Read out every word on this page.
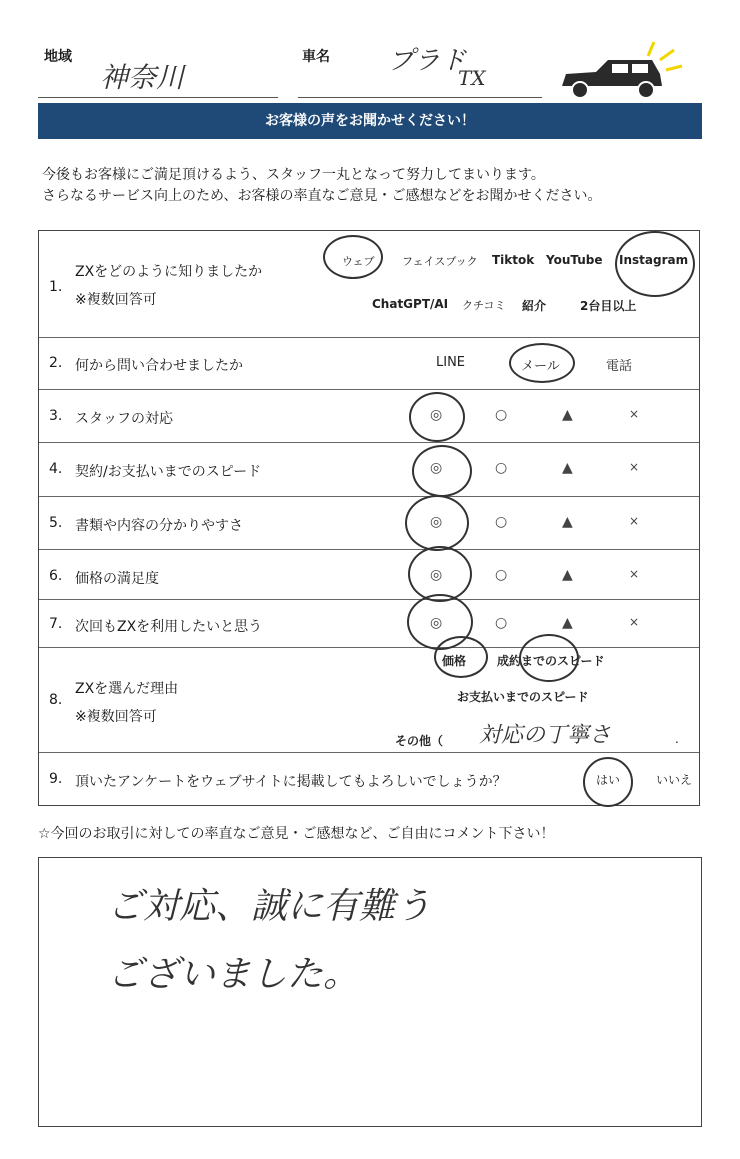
地域
神奈川
車名 プラド
TX
お客様の声をお聞かせください！
今後もお客様にご満足頂けるよう、スタッフ一丸となって努力してまいります。
さらなるサービス向上のため、お客様の率直なご意見・ご感想などをお聞かせください。
1.
ZXをどのように知りましたか
※複数回答可
ウェブ フェイスブック Tiktok YouTube Instagram
ChatGPT/AI クチコミ 紹介	2台目以上
2. 何から問い合わせましたか	LINE	メール	電話
3. スタッフの対応	◎	○	▲	×
4. 契約/お支払いまでのスピード	◎	○	▲	×
5. 書類や内容の分かりやすさ	◎	○	▲	×
6. 価格の満足度	◎	○	▲	×
7. 次回もZXを利用したいと思う	◎	○	▲	×
8.
ZXを選んだ理由
※複数回答可
価格	成約までのスピード
お支払いまでのスピード
その他（ 対応の丁寧さ	.
9. 頂いたアンケートをウェブサイトに掲載してもよろしいでしょうか？	はい	いいえ
☆今回のお取引に対しての率直なご意見・ご感想など、ご自由にコメント下さい！
ご対応、誠に有難う
ございました。
